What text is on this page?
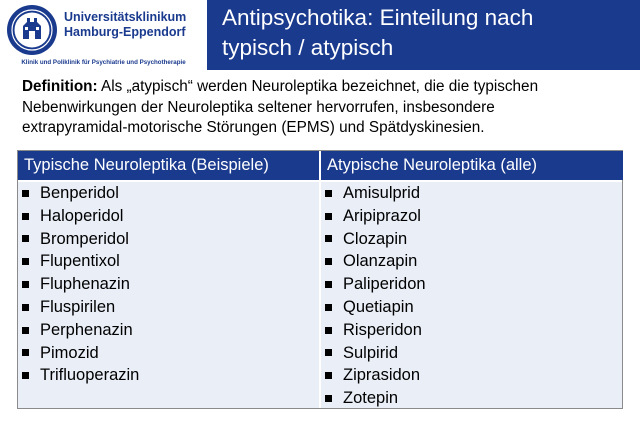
Universitätsklinikum
Hamburg-Eppendorf
Klinik und Poliklinik für Psychiatrie und Psychotherapie
Antipsychotika: Einteilung nach
typisch / atypisch
Definition: Als „atypisch“ werden Neuroleptika bezeichnet, die die typischen
Nebenwirkungen der Neuroleptika seltener hervorrufen, insbesondere
extrapyramidal-motorische Störungen (EPMS) und Spätdyskinesien.
Typische Neuroleptika (Beispiele)	Atypische Neuroleptika (alle)
Benperidol
Haloperidol
Bromperidol
Flupentixol
Fluphenazin
Fluspirilen
Perphenazin
Pimozid
Trifluoperazin
Amisulprid
Aripiprazol
Clozapin
Olanzapin
Paliperidon
Quetiapin
Risperidon
Sulpirid
Ziprasidon
Zotepin
